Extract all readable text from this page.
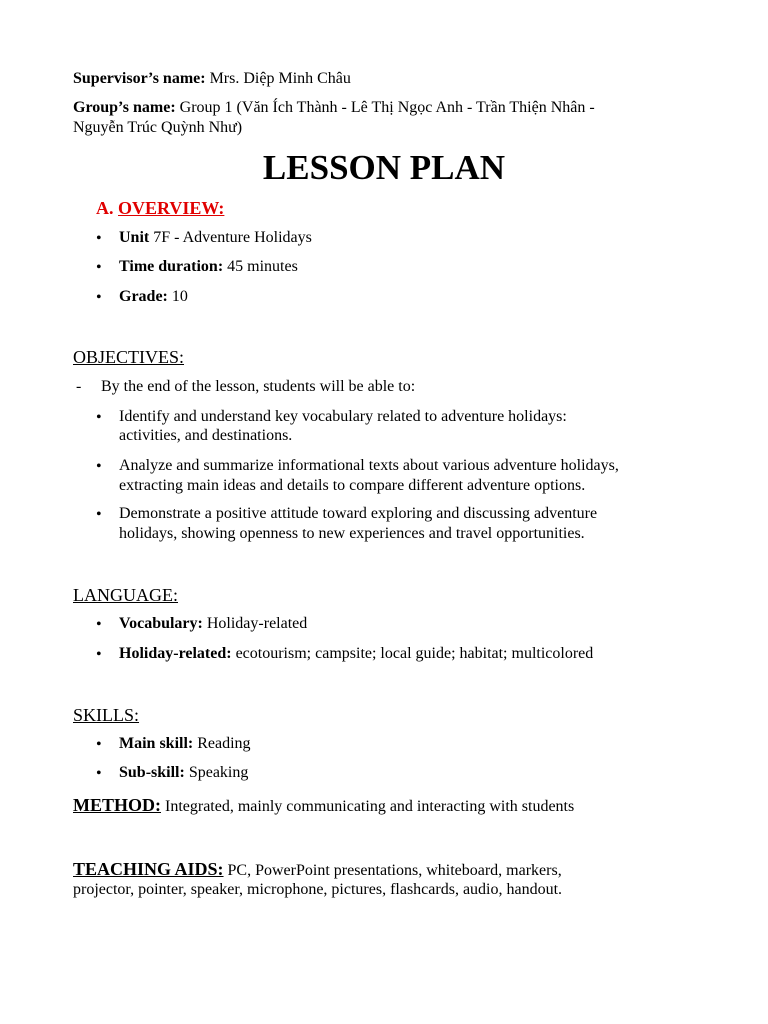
Supervisor’s name: Mrs. Diệp Minh Châu
Group’s name: Group 1 (Văn Ích Thành - Lê Thị Ngọc Anh - Trần Thiện Nhân -
Nguyễn Trúc Quỳnh Như)
LESSON PLAN
A. OVERVIEW:
•
Unit 7F - Adventure Holidays
•
Time duration: 45 minutes
•
Grade: 10
OBJECTIVES:
- By the end of the lesson, students will be able to:
•
Identify and understand key vocabulary related to adventure holidays:
activities, and destinations.
•
Analyze and summarize informational texts about various adventure holidays,
extracting main ideas and details to compare different adventure options.
•
Demonstrate a positive attitude toward exploring and discussing adventure
holidays, showing openness to new experiences and travel opportunities.
LANGUAGE:
•
Vocabulary: Holiday-related
•
Holiday-related: ecotourism; campsite; local guide; habitat; multicolored
SKILLS:
•
Main skill: Reading
•
Sub-skill: Speaking
METHOD: Integrated, mainly communicating and interacting with students
TEACHING AIDS: PC, PowerPoint presentations, whiteboard, markers,
projector, pointer, speaker, microphone, pictures, flashcards, audio, handout.
